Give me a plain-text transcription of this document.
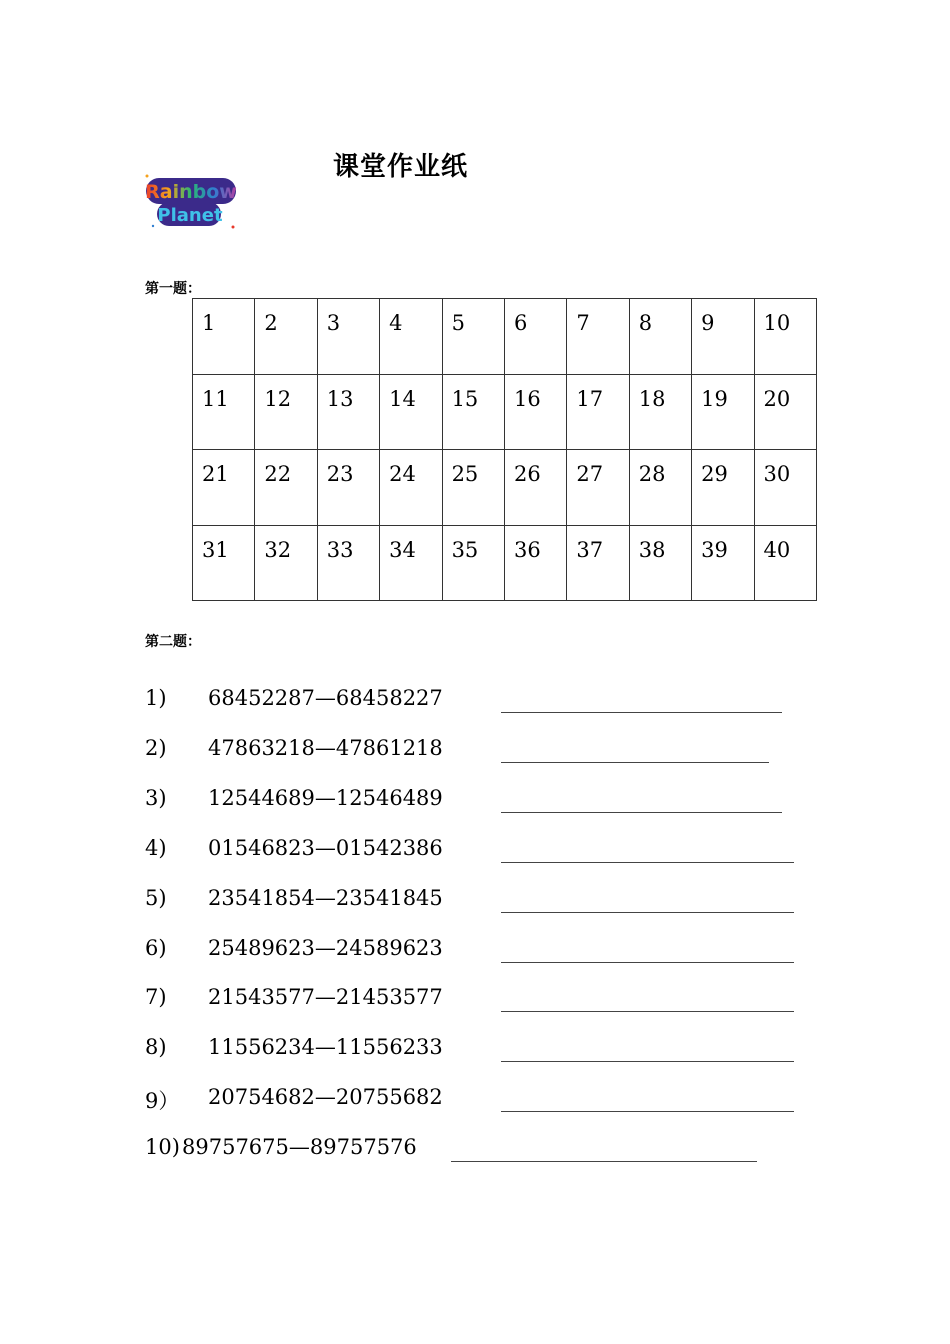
课堂作业纸
Rainbow
Planet
第一题：
1	2	3	4	5	6	7	8	9	10
11	12	13	14	15	16	17	18	19	20
21	22	23	24	25	26	27	28	29	30
31	32	33	34	35	36	37	38	39	40
第二题：
1) 68452287—68458227
2) 47863218—47861218
3) 12544689—12546489
4) 01546823—01542386
5) 23541854—23541845
6) 25489623—24589623
7) 21543577—21453577
8) 11556234—11556233
9） 20754682—20755682
10) 89757675—89757576
